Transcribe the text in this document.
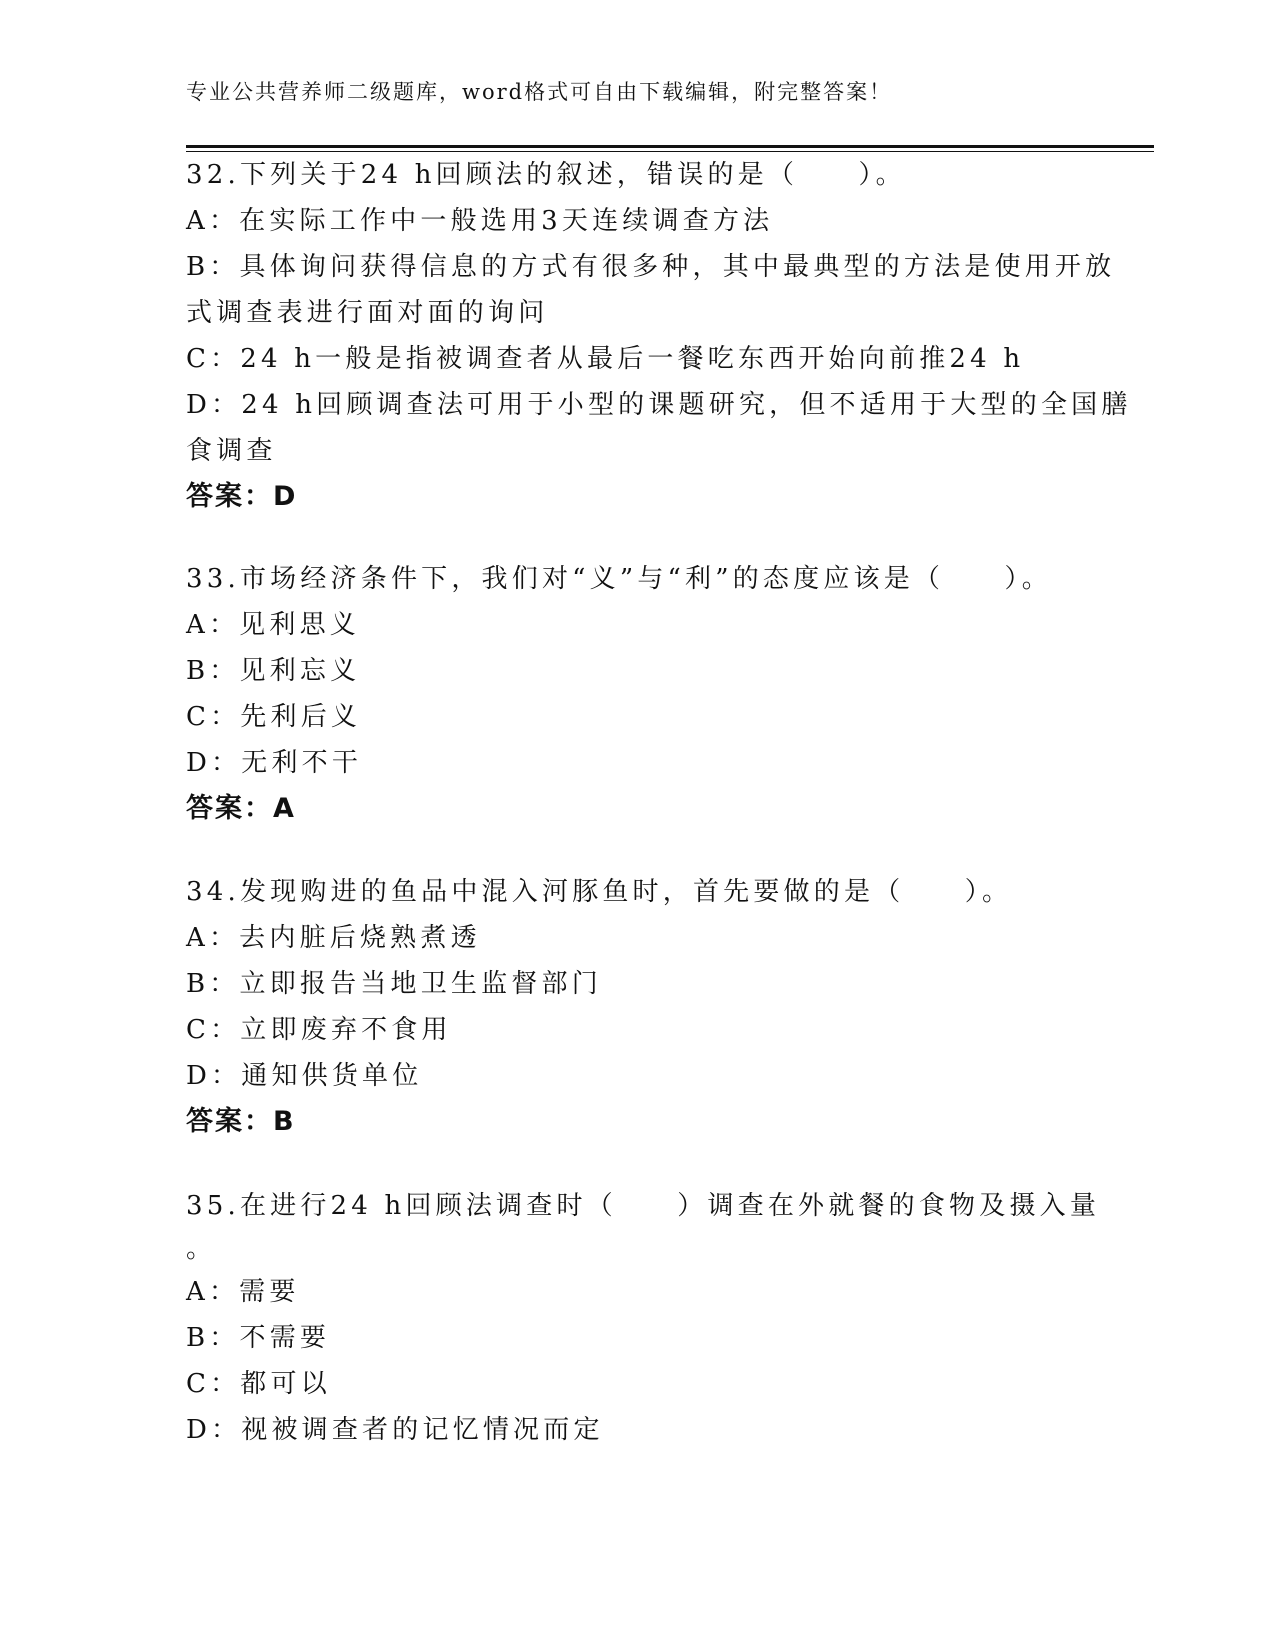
专业公共营养师二级题库，word格式可自由下载编辑，附完整答案！
32.下列关于24 h回顾法的叙述，错误的是（　　）。
A：在实际工作中一般选用3天连续调查方法
B：具体询问获得信息的方式有很多种，其中最典型的方法是使用开放
式调查表进行面对面的询问
C：24 h一般是指被调查者从最后一餐吃东西开始向前推24 h
D：24 h回顾调查法可用于小型的课题研究，但不适用于大型的全国膳
食调查
答案：D
33.市场经济条件下，我们对“义”与“利”的态度应该是（　　）。
A：见利思义
B：见利忘义
C：先利后义
D：无利不干
答案：A
34.发现购进的鱼品中混入河豚鱼时，首先要做的是（　　）。
A：去内脏后烧熟煮透
B：立即报告当地卫生监督部门
C：立即废弃不食用
D：通知供货单位
答案：B
35.在进行24 h回顾法调查时（　　）调查在外就餐的食物及摄入量
。
A：需要
B：不需要
C：都可以
D：视被调查者的记忆情况而定
